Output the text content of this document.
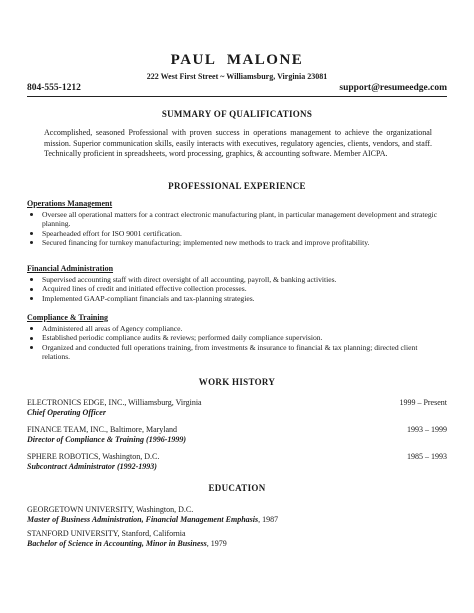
PAUL MALONE
222 West First Street ~ Williamsburg, Virginia 23081
804-555-1212	support@resumeedge.com
SUMMARY OF QUALIFICATIONS
Accomplished, seasoned Professional with proven success in operations management to achieve the organizational mission. Superior communication skills, easily interacts with executives, regulatory agencies, clients, vendors, and staff. Technically proficient in spreadsheets, word processing, graphics, & accounting software. Member AICPA.
PROFESSIONAL EXPERIENCE
Operations Management
Oversee all operational matters for a contract electronic manufacturing plant, in particular management development and strategic planning.
Spearheaded effort for ISO 9001 certification.
Secured financing for turnkey manufacturing; implemented new methods to track and improve profitability.
Financial Administration
Supervised accounting staff with direct oversight of all accounting, payroll, & banking activities.
Acquired lines of credit and initiated effective collection processes.
Implemented GAAP-compliant financials and tax-planning strategies.
Compliance & Training
Administered all areas of Agency compliance.
Established periodic compliance audits & reviews; performed daily compliance supervision.
Organized and conducted full operations training, from investments & insurance to financial & tax planning; directed client relations.
WORK HISTORY
ELECTRONICS EDGE, INC., Williamsburg, Virginia	1999 – Present
Chief Operating Officer
FINANCE TEAM, INC., Baltimore, Maryland	1993 – 1999
Director of Compliance & Training (1996-1999)
SPHERE ROBOTICS, Washington, D.C.	1985 – 1993
Subcontract Administrator (1992-1993)
EDUCATION
GEORGETOWN UNIVERSITY, Washington, D.C.
Master of Business Administration, Financial Management Emphasis, 1987
STANFORD UNIVERSITY, Stanford, California
Bachelor of Science in Accounting, Minor in Business, 1979
